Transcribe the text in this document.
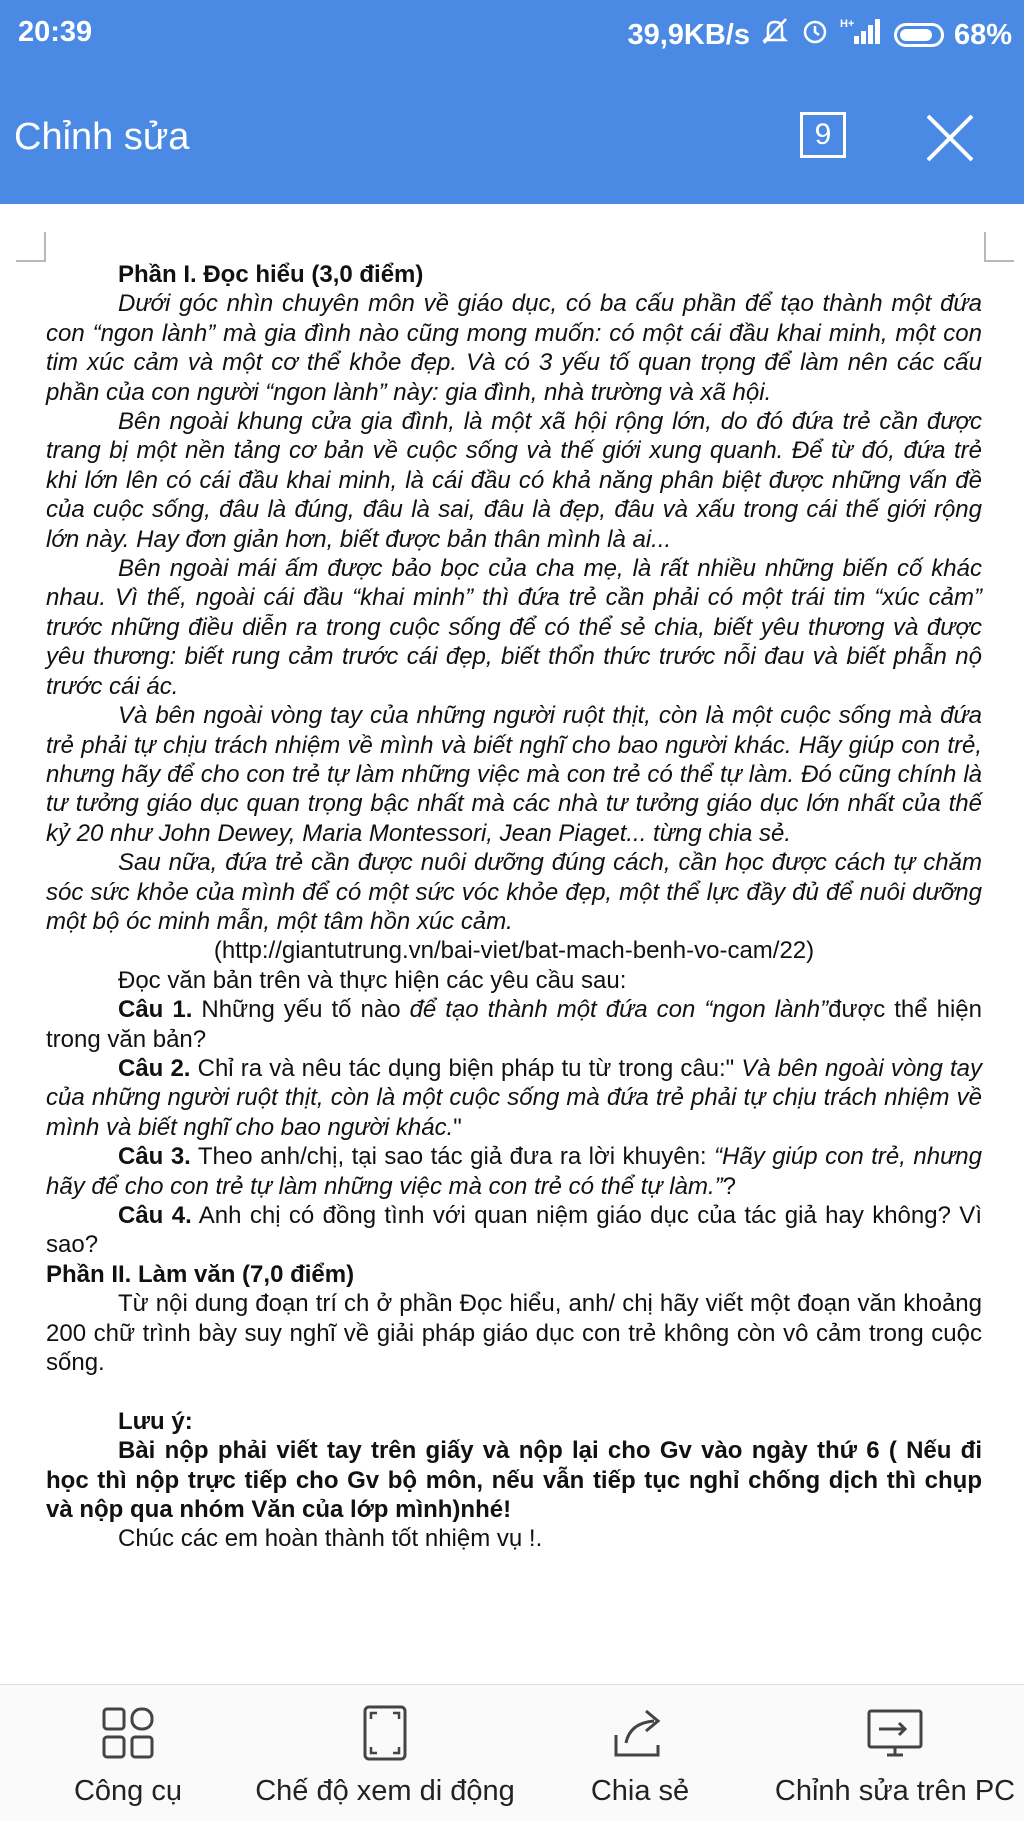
20:39	39,9KB/s	H+	68%
Chỉnh sửa	9

Phần I. Đọc hiểu (3,0 điểm)

Dưới góc nhìn chuyên môn về giáo dục, có ba cấu phần để tạo thành một đứa con “ngon lành” mà gia đình nào cũng mong muốn: có một cái đầu khai minh, một con tim xúc cảm và một cơ thể khỏe đẹp. Và có 3 yếu tố quan trọng để làm nên các cấu phần của con người “ngon lành” này: gia đình, nhà trường và xã hội.

Bên ngoài khung cửa gia đình, là một xã hội rộng lớn, do đó đứa trẻ cần được trang bị một nền tảng cơ bản về cuộc sống và thế giới xung quanh. Để từ đó, đứa trẻ khi lớn lên có cái đầu khai minh, là cái đầu có khả năng phân biệt được những vấn đề của cuộc sống, đâu là đúng, đâu là sai, đâu là đẹp, đâu và xấu trong cái thế giới rộng lớn này. Hay đơn giản hơn, biết được bản thân mình là ai...

Bên ngoài mái ấm được bảo bọc của cha mẹ, là rất nhiều những biến cố khác nhau. Vì thế, ngoài cái đầu “khai minh” thì đứa trẻ cần phải có một trái tim “xúc cảm” trước những điều diễn ra trong cuộc sống để có thể sẻ chia, biết yêu thương và được yêu thương: biết rung cảm trước cái đẹp, biết thổn thức trước nỗi đau và biết phẫn nộ trước cái ác.

Và bên ngoài vòng tay của những người ruột thịt, còn là một cuộc sống mà đứa trẻ phải tự chịu trách nhiệm về mình và biết nghĩ cho bao người khác. Hãy giúp con trẻ, nhưng hãy để cho con trẻ tự làm những việc mà con trẻ có thể tự làm. Đó cũng chính là tư tưởng giáo dục quan trọng bậc nhất mà các nhà tư tưởng giáo dục lớn nhất của thế kỷ 20 như John Dewey, Maria Montessori, Jean Piaget... từng chia sẻ.

Sau nữa, đứa trẻ cần được nuôi dưỡng đúng cách, cần học được cách tự chăm sóc sức khỏe của mình để có một sức vóc khỏe đẹp, một thể lực đầy đủ để nuôi dưỡng một bộ óc minh mẫn, một tâm hồn xúc cảm.

(http://giantutrung.vn/bai-viet/bat-mach-benh-vo-cam/22)

Đọc văn bản trên và thực hiện các yêu cầu sau:

Câu 1. Những yếu tố nào để tạo thành một đứa con “ngon lành”được thể hiện trong văn bản?

Câu 2. Chỉ ra và nêu tác dụng biện pháp tu từ trong câu:" Và bên ngoài vòng tay của những người ruột thịt, còn là một cuộc sống mà đứa trẻ phải tự chịu trách nhiệm về mình và biết nghĩ cho bao người khác."

Câu 3. Theo anh/chị, tại sao tác giả đưa ra lời khuyên: “Hãy giúp con trẻ, nhưng hãy để cho con trẻ tự làm những việc mà con trẻ có thể tự làm.”?

Câu 4. Anh chị có đồng tình với quan niệm giáo dục của tác giả hay không? Vì sao?

Phần II. Làm văn (7,0 điểm)

Từ nội dung đoạn trí ch ở phần Đọc hiểu, anh/ chị hãy viết một đoạn văn khoảng 200 chữ trình bày suy nghĩ về giải pháp giáo dục con trẻ không còn vô cảm trong cuộc sống.

Lưu ý:

Bài nộp phải viết tay trên giấy và nộp lại cho Gv vào ngày thứ 6 ( Nếu đi học thì nộp trực tiếp cho Gv bộ môn, nếu vẫn tiếp tục nghỉ chống dịch thì chụp và nộp qua nhóm Văn của lớp mình)nhé!

Chúc các em hoàn thành tốt nhiệm vụ !.

Công cụ	Chế độ xem di động	Chia sẻ	Chỉnh sửa trên PC
